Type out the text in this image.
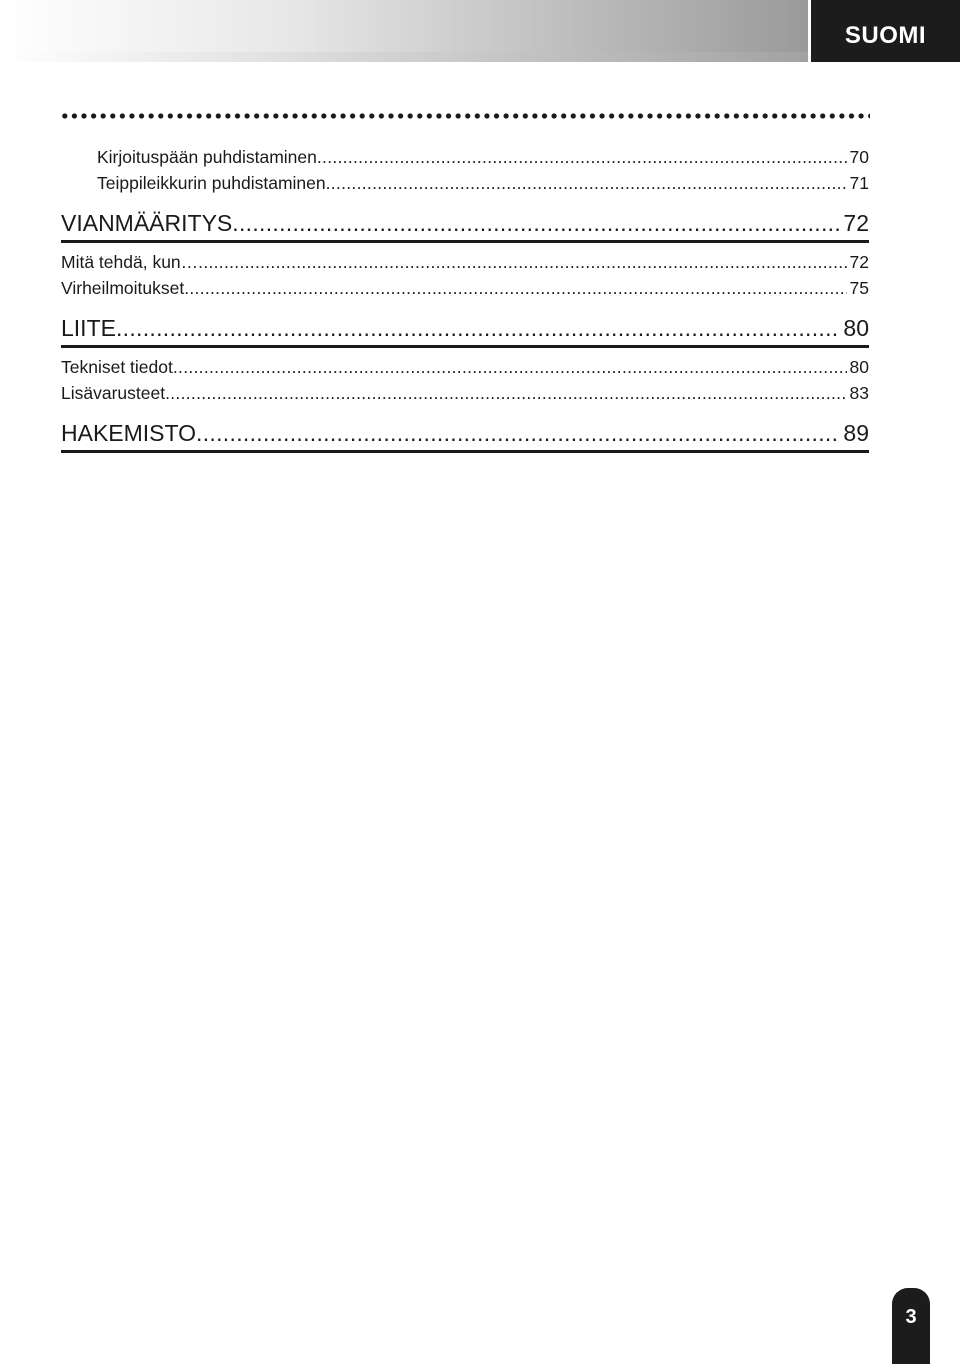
SUOMI
Kirjoituspään puhdistaminen .....	70
Teippileikkurin puhdistaminen .....	71
VIANMÄÄRITYS .....	72
Mitä tehdä, kun… .....	72
Virheilmoitukset .....	75
LIITE .....	80
Tekniset tiedot .....	80
Lisävarusteet .....	83
HAKEMISTO .....	89
3
